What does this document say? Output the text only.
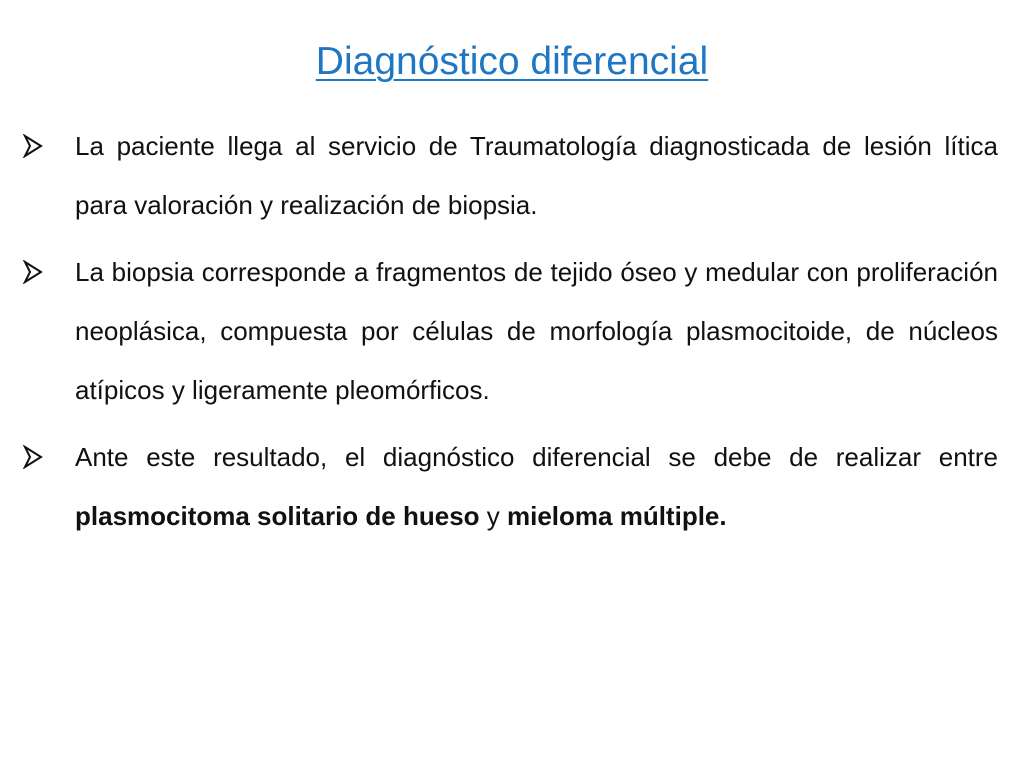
Diagnóstico diferencial
La paciente llega al servicio de Traumatología diagnosticada de lesión lítica para valoración y realización de biopsia.
La biopsia corresponde a fragmentos de tejido óseo y medular con proliferación neoplásica, compuesta por células de morfología plasmocitoide, de núcleos atípicos y ligeramente pleomórficos.
Ante este resultado, el diagnóstico diferencial se debe de realizar entre plasmocitoma solitario de hueso y mieloma múltiple.
